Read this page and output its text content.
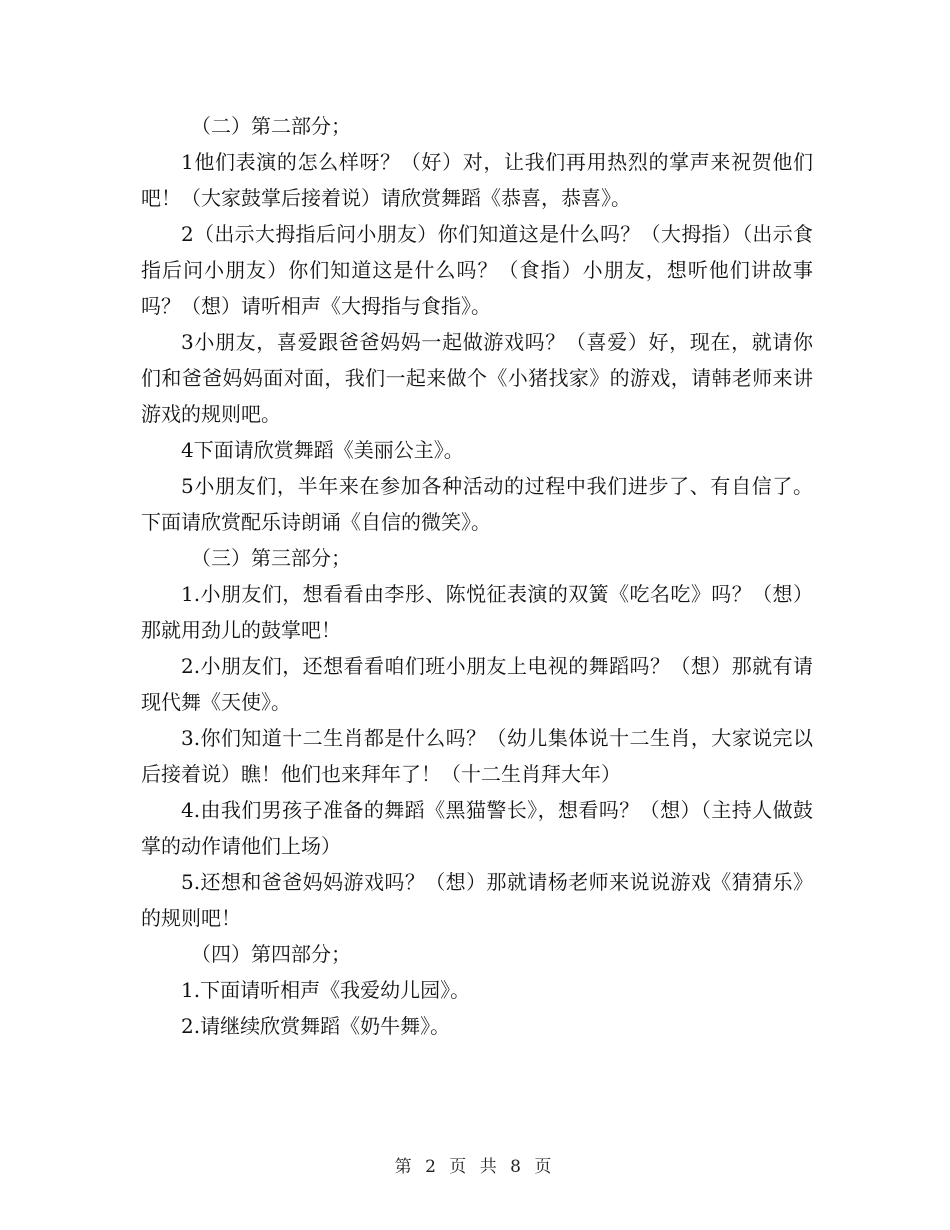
（二）第二部分；

1他们表演的怎么样呀？（好）对，让我们再用热烈的掌声来祝贺他们吧！（大家鼓掌后接着说）请欣赏舞蹈《恭喜，恭喜》。

2（出示大拇指后问小朋友）你们知道这是什么吗？（大拇指）（出示食指后问小朋友）你们知道这是什么吗？（食指）小朋友，想听他们讲故事吗？（想）请听相声《大拇指与食指》。

3小朋友，喜爱跟爸爸妈妈一起做游戏吗？（喜爱）好，现在，就请你们和爸爸妈妈面对面，我们一起来做个《小猪找家》的游戏，请韩老师来讲游戏的规则吧。

4下面请欣赏舞蹈《美丽公主》。

5小朋友们，半年来在参加各种活动的过程中我们进步了、有自信了。下面请欣赏配乐诗朗诵《自信的微笑》。

（三）第三部分；

1.小朋友们，想看看由李彤、陈悦征表演的双簧《吃名吃》吗？（想）那就用劲儿的鼓掌吧！

2.小朋友们，还想看看咱们班小朋友上电视的舞蹈吗？（想）那就有请现代舞《天使》。

3.你们知道十二生肖都是什么吗？（幼儿集体说十二生肖，大家说完以后接着说）瞧！他们也来拜年了！（十二生肖拜大年）

4.由我们男孩子准备的舞蹈《黑猫警长》，想看吗？（想）（主持人做鼓掌的动作请他们上场）

5.还想和爸爸妈妈游戏吗？（想）那就请杨老师来说说游戏《猜猜乐》的规则吧！

（四）第四部分；

1.下面请听相声《我爱幼儿园》。

2.请继续欣赏舞蹈《奶牛舞》。

第 2 页 共 8 页
